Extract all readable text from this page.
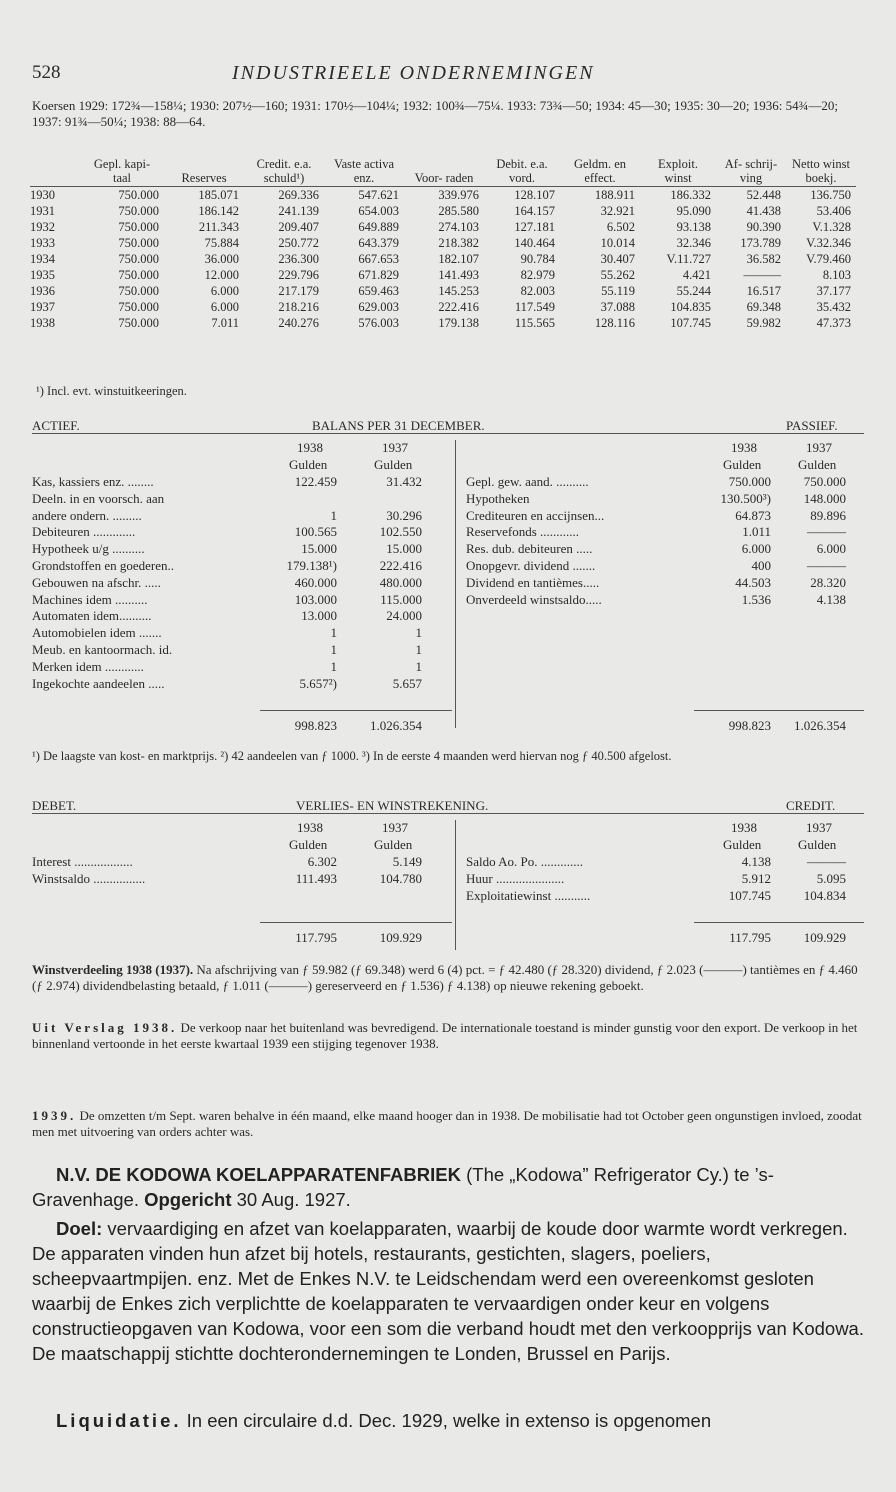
528	INDUSTRIEELE ONDERNEMINGEN
Koersen 1929: 172¾—158¼; 1930: 207½—160; 1931: 170½—104¼; 1932: 100¾—75¼. 1933: 73¾—50; 1934: 45—30; 1935: 30—20; 1936: 54¾—20; 1937: 91¾—50¼; 1938: 88—64.
	Gepl. kapi- taal	Reserves	Credit. e.a. schuld¹)	Vaste activa enz.	Voor- raden	Debit. e.a. vord.	Geldm. en effect.	Exploit. winst	Af- schrij- ving	Netto winst boekj.
1930	750.000	185.071	269.336	547.621	339.976	128.107	188.911	186.332	52.448	136.750
1931	750.000	186.142	241.139	654.003	285.580	164.157	32.921	95.090	41.438	53.406
1932	750.000	211.343	209.407	649.889	274.103	127.181	6.502	93.138	90.390	V.1.328
1933	750.000	75.884	250.772	643.379	218.382	140.464	10.014	32.346	173.789	V.32.346
1934	750.000	36.000	236.300	667.653	182.107	90.784	30.407	V.11.727	36.582	V.79.460
1935	750.000	12.000	229.796	671.829	141.493	82.979	55.262	4.421	———	8.103
1936	750.000	6.000	217.179	659.463	145.253	82.003	55.119	55.244	16.517	37.177
1937	750.000	6.000	218.216	629.003	222.416	117.549	37.088	104.835	69.348	35.432
1938	750.000	7.011	240.276	576.003	179.138	115.565	128.116	107.745	59.982	47.373
¹) Incl. evt. winstuitkeeringen.
ACTIEF.	BALANS PER 31 DECEMBER.	PASSIEF.
1938	1937
Gulden	Gulden
Kas, kassiers enz. ........	122.459	31.432
Deeln. in en voorsch. aan
andere ondern. .........	1	30.296
Debiteuren .............	100.565	102.550
Hypotheek u/g ..........	15.000	15.000
Grondstoffen en goederen..	179.138¹)	222.416
Gebouwen na afschr. .....	460.000	480.000
Machines idem ..........	103.000	115.000
Automaten idem..........	13.000	24.000
Automobielen idem .......	1	1
Meub. en kantoormach. id.	1	1
Merken idem ............	1	1
Ingekochte aandeelen .....	5.657²)	5.657
998.823	1.026.354
1938	1937
Gulden	Gulden
Gepl. gew. aand. ..........	750.000	750.000
Hypotheken	130.500³)	148.000
Crediteuren en accijnsen...	64.873	89.896
Reservefonds ............	1.011	———
Res. dub. debiteuren .....	6.000	6.000
Onopgevr. dividend .......	400	———
Dividend en tantièmes.....	44.503	28.320
Onverdeeld winstsaldo.....	1.536	4.138
998.823	1.026.354
¹) De laagste van kost- en marktprijs. ²) 42 aandeelen van ƒ 1000. ³) In de eerste 4 maanden werd hiervan nog ƒ 40.500 afgelost.
DEBET.	VERLIES- EN WINSTREKENING.	CREDIT.
1938	1937
Gulden	Gulden
Interest ..................	6.302	5.149
Winstsaldo ................	111.493	104.780
117.795	109.929
1938	1937
Gulden	Gulden
Saldo Ao. Po. .............	4.138	———
Huur .....................	5.912	5.095
Exploitatiewinst ...........	107.745	104.834
117.795	109.929
Winstverdeeling 1938 (1937). Na afschrijving van ƒ 59.982 (ƒ 69.348) werd 6 (4) pct. = ƒ 42.480 (ƒ 28.320) dividend, ƒ 2.023 (———) tantièmes en ƒ 4.460 (ƒ 2.974) dividendbelasting betaald, ƒ 1.011 (———) gereserveerd en ƒ 1.536) ƒ 4.138) op nieuwe rekening geboekt.
Uit Verslag 1938. De verkoop naar het buitenland was bevredigend. De internationale toestand is minder gunstig voor den export. De verkoop in het binnenland vertoonde in het eerste kwartaal 1939 een stijging tegenover 1938.
1939. De omzetten t/m Sept. waren behalve in één maand, elke maand hooger dan in 1938. De mobilisatie had tot October geen ongunstigen invloed, zoodat men met uitvoering van orders achter was.
N.V. DE KODOWA KOELAPPARATENFABRIEK (The „Kodowa” Refrigerator Cy.) te ’s-Gravenhage. Opgericht 30 Aug. 1927.
Doel: vervaardiging en afzet van koelapparaten, waarbij de koude door warmte wordt verkregen. De apparaten vinden hun afzet bij hotels, restaurants, gestichten, slagers, poeliers, scheepvaartmpijen. enz. Met de Enkes N.V. te Leidschendam werd een overeenkomst gesloten waarbij de Enkes zich verplichtte de koelapparaten te vervaardigen onder keur en volgens constructieopgaven van Kodowa, voor een som die verband houdt met den verkoopprijs van Kodowa. De maatschappij stichtte dochterondernemingen te Londen, Brussel en Parijs.
Liquidatie. In een circulaire d.d. Dec. 1929, welke in extenso is opgenomen
